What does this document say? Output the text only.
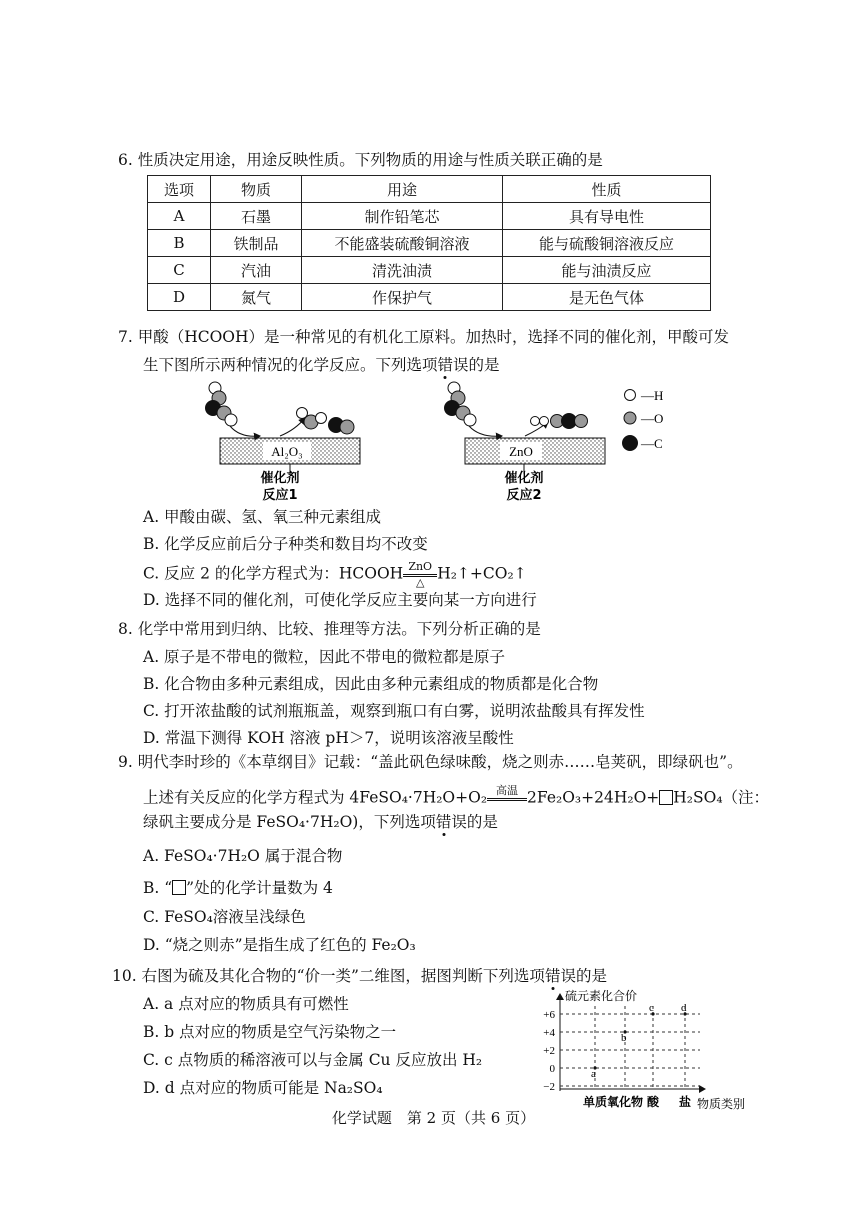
6. 性质决定用途，用途反映性质。下列物质的用途与性质关联正确的是
选项	物质	用途	性质
A	石墨	制作铅笔芯	具有导电性
B	铁制品	不能盛装硫酸铜溶液	能与硫酸铜溶液反应
C	汽油	清洗油渍	能与油渍反应
D	氮气	作保护气	是无色气体
7. 甲酸（HCOOH）是一种常见的有机化工原料。加热时，选择不同的催化剂，甲酸可发
生下图所示两种情况的化学反应。下列选项错误的是
Al₂O₃
催化剂
反应1
ZnO
催化剂
反应2
—H
—O
—C
A. 甲酸由碳、氢、氧三种元素组成
B. 化学反应前后分子种类和数目均不改变
C. 反应 2 的化学方程式为：HCOOH ZnO
△ H₂↑+CO₂↑
D. 选择不同的催化剂，可使化学反应主要向某一方向进行
8. 化学中常用到归纳、比较、推理等方法。下列分析正确的是
A. 原子是不带电的微粒，因此不带电的微粒都是原子
B. 化合物由多种元素组成，因此由多种元素组成的物质都是化合物
C. 打开浓盐酸的试剂瓶瓶盖，观察到瓶口有白雾，说明浓盐酸具有挥发性
D. 常温下测得 KOH 溶液 pH＞7，说明该溶液呈酸性
9. 明代李时珍的《本草纲目》记载：“盖此矾色绿味酸，烧之则赤……皂荚矾，即绿矾也”。
上述有关反应的化学方程式为 4FeSO₄·7H₂O+O₂ 高温
2Fe₂O₃+24H₂O+ H₂SO₄（注：
绿矾主要成分是 FeSO₄·7H₂O)，下列选项错误的是
A. FeSO₄·7H₂O 属于混合物
B. “ ”处的化学计量数为 4
C. FeSO₄溶液呈浅绿色
D. “烧之则赤”是指生成了红色的 Fe₂O₃
10. 右图为硫及其化合物的“价一类”二维图，据图判断下列选项错误的是
A. a 点对应的物质具有可燃性
B. b 点对应的物质是空气污染物之一
C. c 点物质的稀溶液可以与金属 Cu 反应放出 H₂
D. d 点对应的物质可能是 Na₂SO₄
硫元素化合价
物质类别
+6
+4
+2
0
−2
单质 氧化物 酸 盐
a
b
c d
化学试题　第 2 页（共 6 页）
